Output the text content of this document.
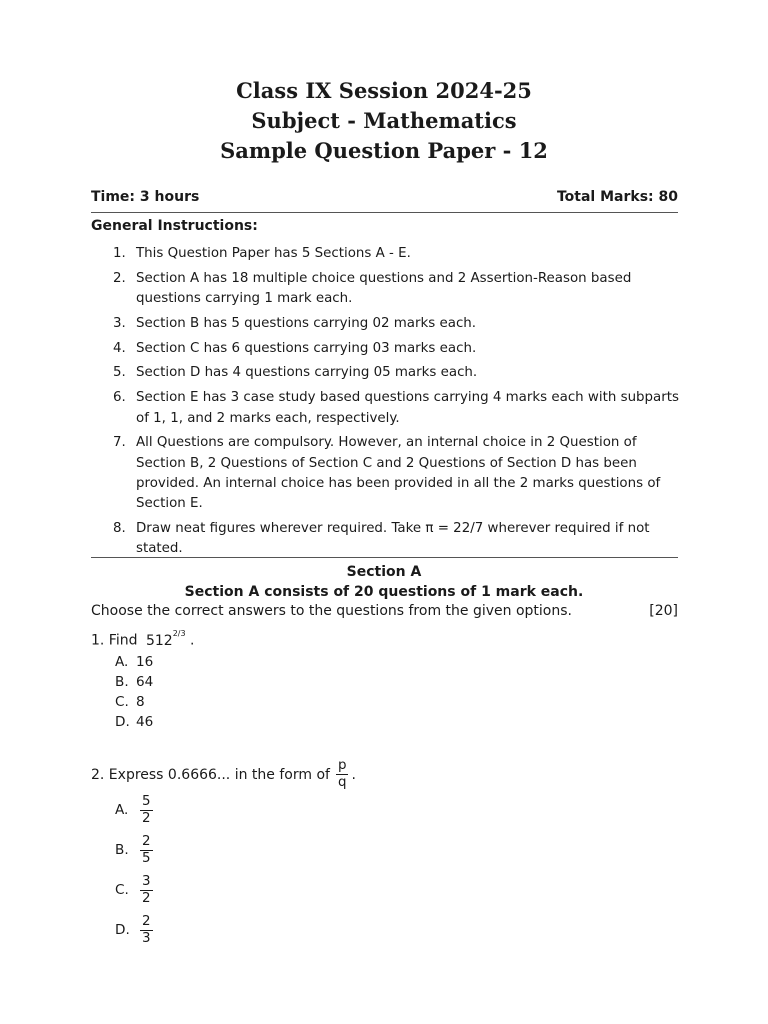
Class IX Session 2024-25
Subject - Mathematics
Sample Question Paper - 12
Time: 3 hours	Total Marks: 80
General Instructions:
1. This Question Paper has 5 Sections A - E.
2. Section A has 18 multiple choice questions and 2 Assertion-Reason based questions carrying 1 mark each.
3. Section B has 5 questions carrying 02 marks each.
4. Section C has 6 questions carrying 03 marks each.
5. Section D has 4 questions carrying 05 marks each.
6. Section E has 3 case study based questions carrying 4 marks each with subparts of 1, 1, and 2 marks each, respectively.
7. All Questions are compulsory. However, an internal choice in 2 Question of Section B, 2 Questions of Section C and 2 Questions of Section D has been provided. An internal choice has been provided in all the 2 marks questions of Section E.
8. Draw neat figures wherever required. Take π = 22/7 wherever required if not stated.
Section A
Section A consists of 20 questions of 1 mark each.
Choose the correct answers to the questions from the given options.	[20]
1. Find $512^{2/3}$ .
A. 16
B. 64
C. 8
D. 46
2. Express 0.6666... in the form of $\frac{p}{q}$ .
A. $\frac{5}{2}$
B. $\frac{2}{5}$
C. $\frac{3}{2}$
D. $\frac{2}{3}$
